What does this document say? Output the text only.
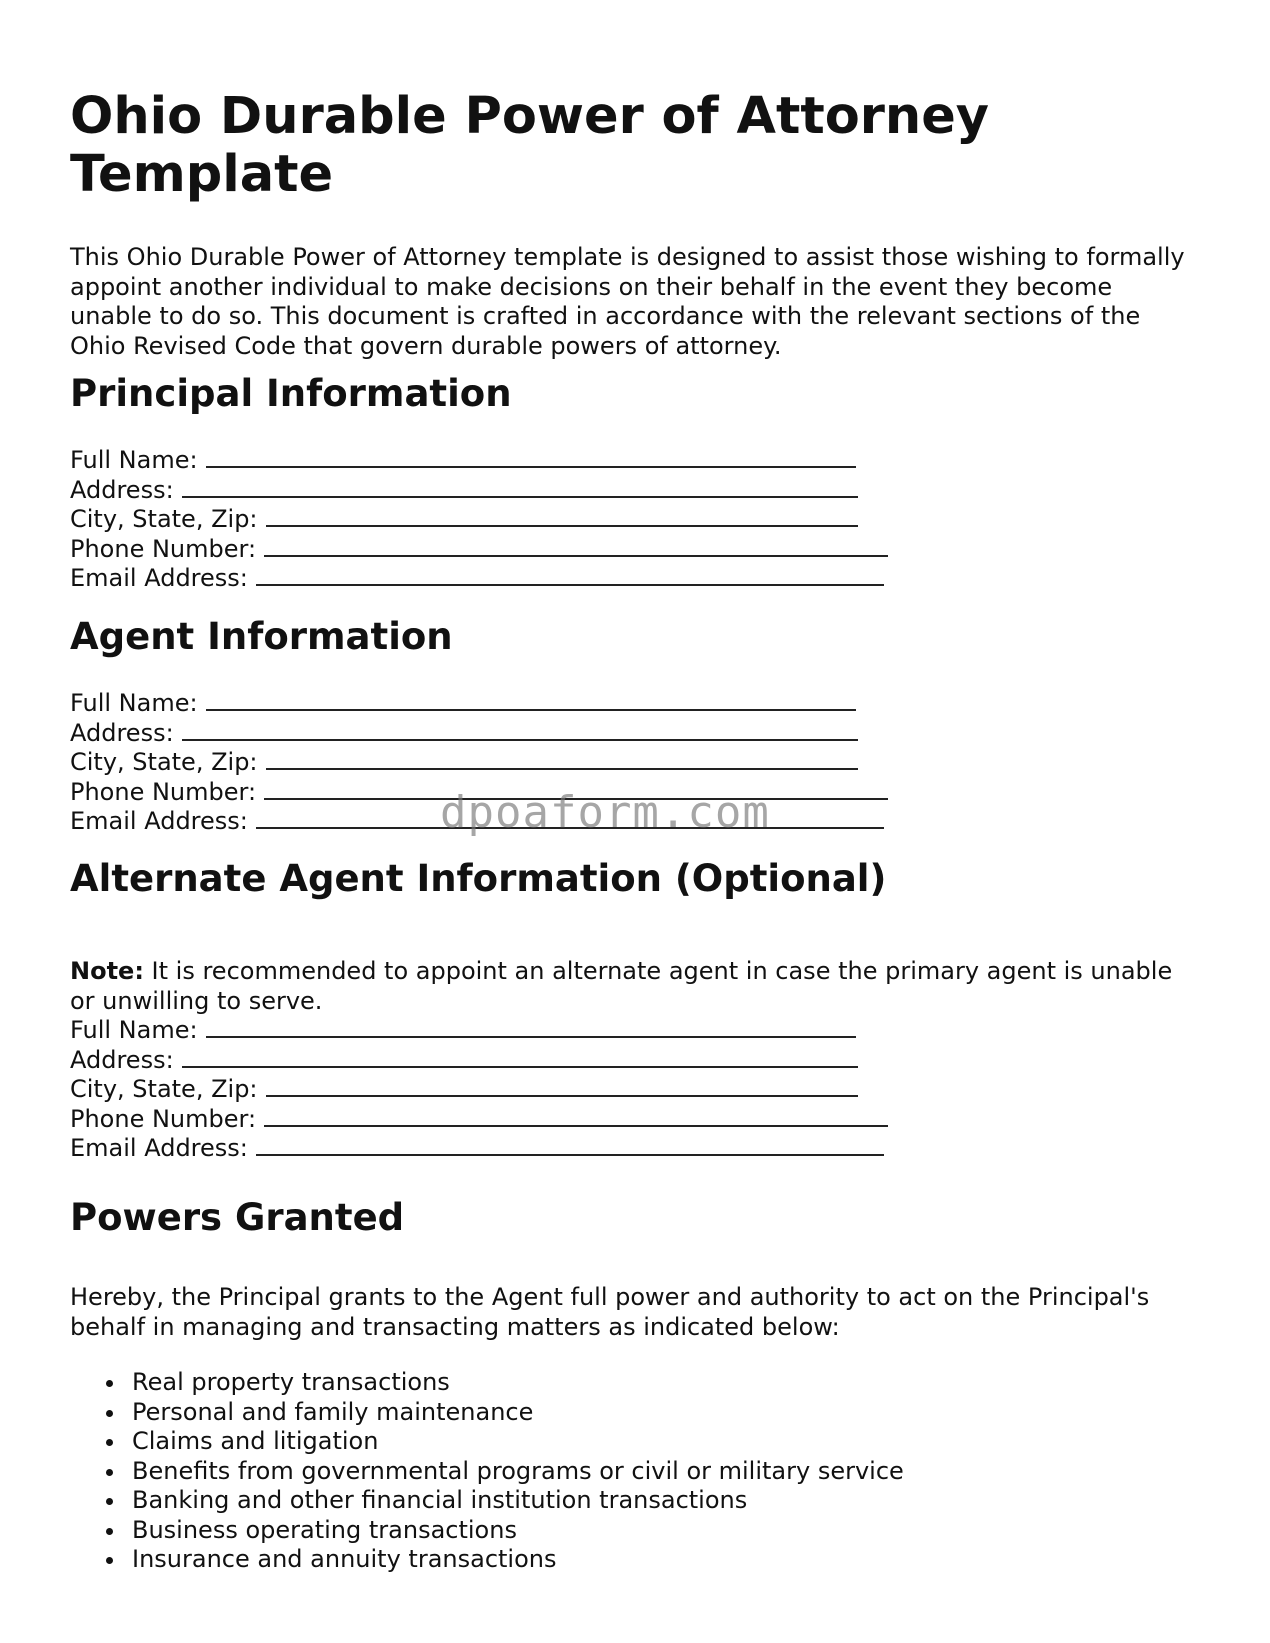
Ohio Durable Power of Attorney Template

This Ohio Durable Power of Attorney template is designed to assist those wishing to formally appoint another individual to make decisions on their behalf in the event they become unable to do so. This document is crafted in accordance with the relevant sections of the Ohio Revised Code that govern durable powers of attorney.

Principal Information
Full Name:
Address:
City, State, Zip:
Phone Number:
Email Address:
Agent Information
Full Name:
Address:
City, State, Zip:
Phone Number:
Email Address:
Alternate Agent Information (Optional)

Note: It is recommended to appoint an alternate agent in case the primary agent is unable or unwilling to serve.

Full Name:
Address:
City, State, Zip:
Phone Number:
Email Address:
Powers Granted

Hereby, the Principal grants to the Agent full power and authority to act on the Principal's behalf in managing and transacting matters as indicated below:

Real property transactions
Personal and family maintenance
Claims and litigation
Benefits from governmental programs or civil or military service
Banking and other financial institution transactions
Business operating transactions
Insurance and annuity transactions
dpoaform.com
